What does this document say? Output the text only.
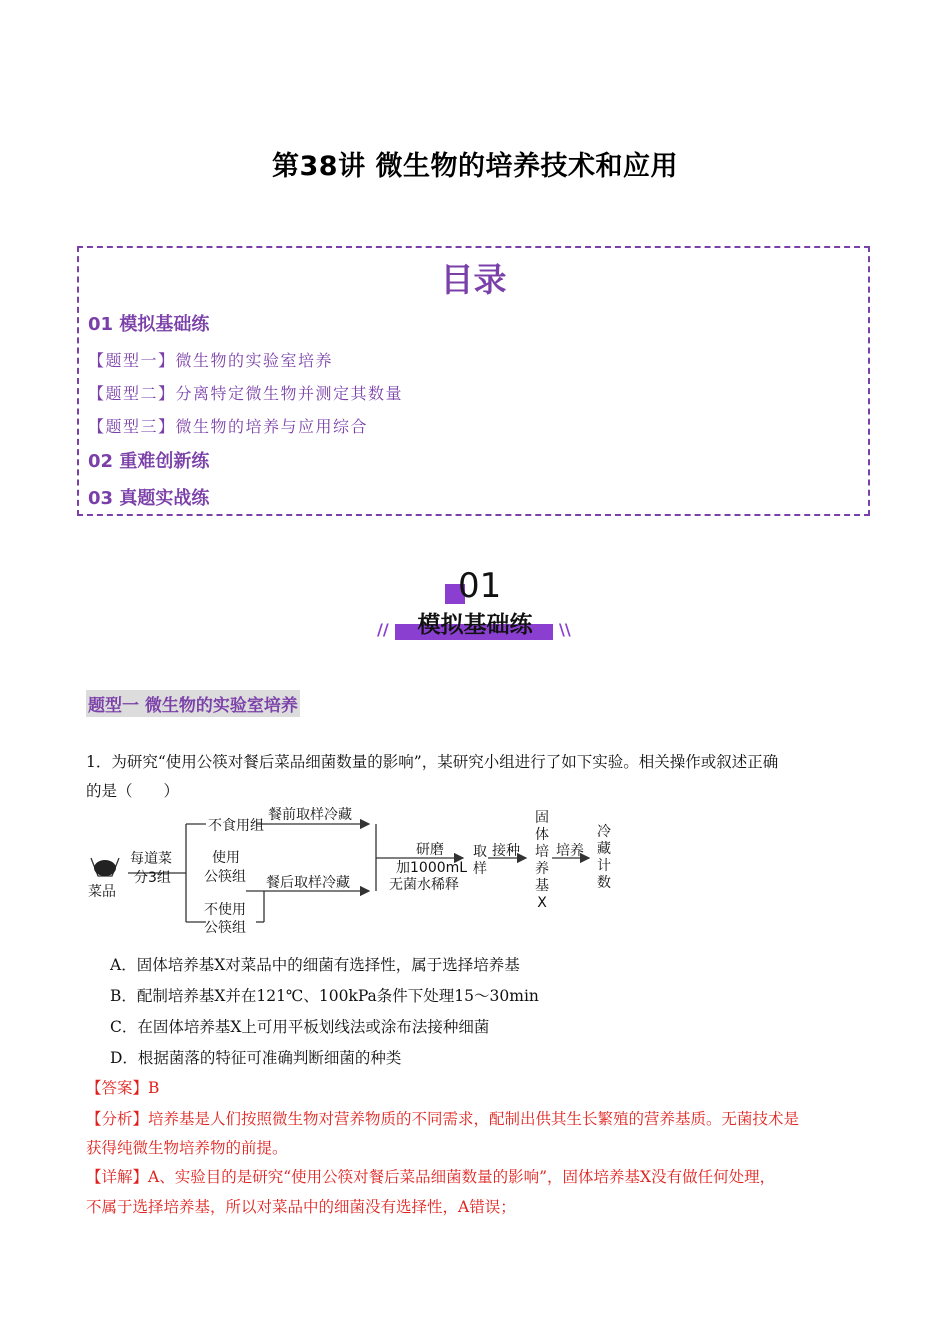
第38讲 微生物的培养技术和应用
目录
01 模拟基础练
【题型一】微生物的实验室培养
【题型二】分离特定微生物并测定其数量
【题型三】微生物的培养与应用综合
02 重难创新练
03 真题实战练
01
//	模拟基础练	\\
题型一 微生物的实验室培养
1．为研究“使用公筷对餐后菜品细菌数量的影响”，某研究小组进行了如下实验。相关操作或叙述正确
的是（　　）
菜品
每道菜
分3组
不食用组
使用
公筷组
不使用
公筷组
餐前取样冷藏
餐后取样冷藏
研磨
加1000mL
无菌水稀释
取样
接种
固体培养基X
培养
冷藏计数
A．固体培养基X对菜品中的细菌有选择性，属于选择培养基
B．配制培养基X并在121℃、100kPa条件下处理15～30min
C．在固体培养基X上可用平板划线法或涂布法接种细菌
D．根据菌落的特征可准确判断细菌的种类
【答案】B
【分析】培养基是人们按照微生物对营养物质的不同需求，配制出供其生长繁殖的营养基质。无菌技术是
获得纯微生物培养物的前提。
【详解】A、实验目的是研究“使用公筷对餐后菜品细菌数量的影响”，固体培养基X没有做任何处理，
不属于选择培养基，所以对菜品中的细菌没有选择性，A错误；
